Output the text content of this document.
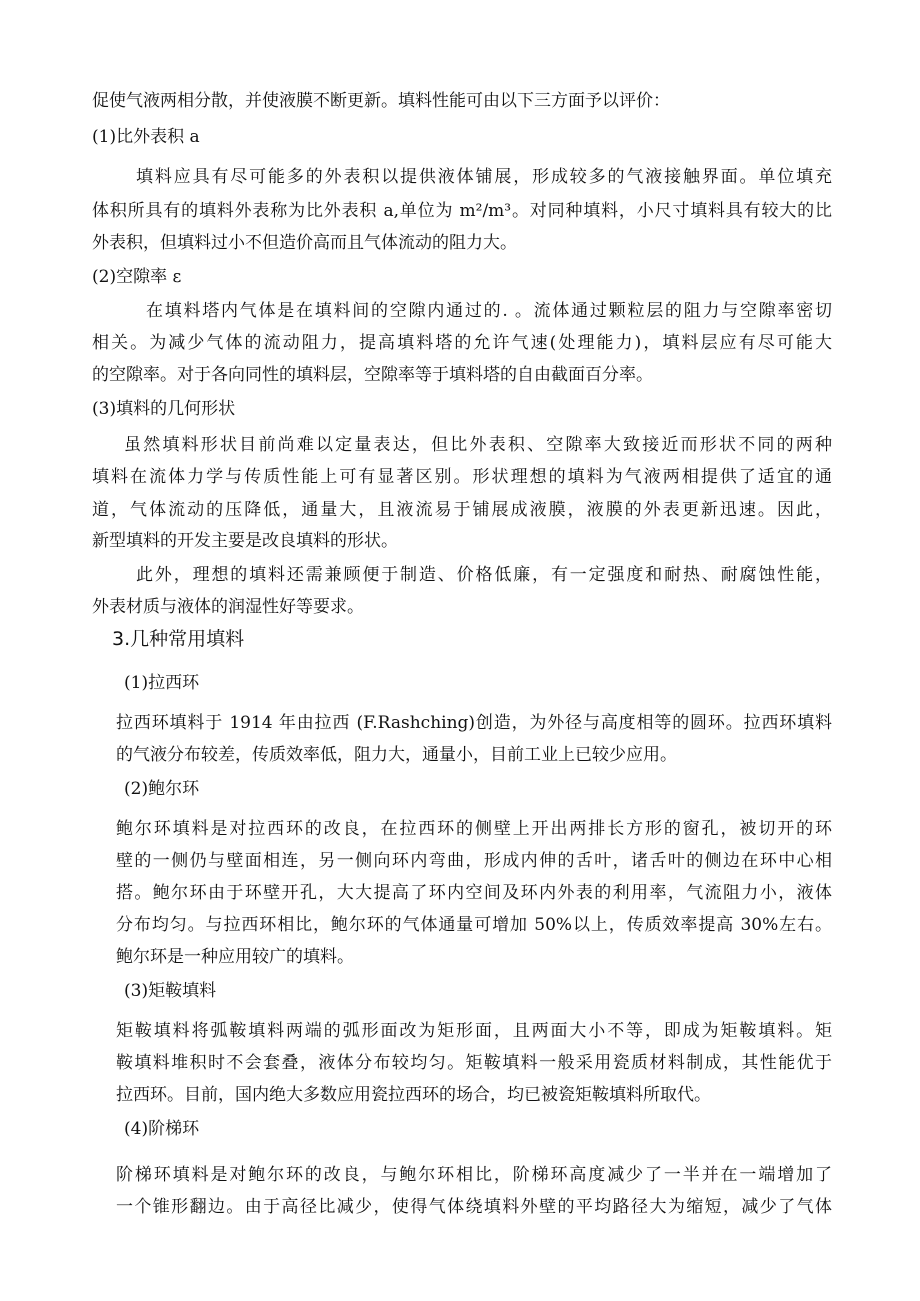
促使气液两相分散，并使液膜不断更新。填料性能可由以下三方面予以评价：

(1)比外表积 a

填料应具有尽可能多的外表积以提供液体铺展，形成较多的气液接触界面。单位填充

体积所具有的填料外表称为比外表积 a,单位为 m²/m³。对同种填料，小尺寸填料具有较大的比

外表积，但填料过小不但造价高而且气体流动的阻力大。

(2)空隙率 ε

在填料塔内气体是在填料间的空隙内通过的. 。流体通过颗粒层的阻力与空隙率密切

相关。为减少气体的流动阻力，提高填料塔的允许气速(处理能力)，填料层应有尽可能大

的空隙率。对于各向同性的填料层，空隙率等于填料塔的自由截面百分率。

(3)填料的几何形状

虽然填料形状目前尚难以定量表达，但比外表积、空隙率大致接近而形状不同的两种

填料在流体力学与传质性能上可有显著区别。形状理想的填料为气液两相提供了适宜的通

道，气体流动的压降低，通量大，且液流易于铺展成液膜，液膜的外表更新迅速。因此，

新型填料的开发主要是改良填料的形状。

此外，理想的填料还需兼顾便于制造、价格低廉，有一定强度和耐热、耐腐蚀性能，

外表材质与液体的润湿性好等要求。

3.几种常用填料

(1)拉西环

拉西环填料于 1914 年由拉西 (F.Rashching)创造，为外径与高度相等的圆环。拉西环填料

的气液分布较差，传质效率低，阻力大，通量小，目前工业上已较少应用。

(2)鲍尔环

鲍尔环填料是对拉西环的改良，在拉西环的侧壁上开出两排长方形的窗孔，被切开的环

壁的一侧仍与壁面相连，另一侧向环内弯曲，形成内伸的舌叶，诸舌叶的侧边在环中心相

搭。鲍尔环由于环壁开孔，大大提高了环内空间及环内外表的利用率，气流阻力小，液体

分布均匀。与拉西环相比，鲍尔环的气体通量可增加 50%以上，传质效率提高 30%左右。

鲍尔环是一种应用较广的填料。

(3)矩鞍填料

矩鞍填料将弧鞍填料两端的弧形面改为矩形面，且两面大小不等，即成为矩鞍填料。矩

鞍填料堆积时不会套叠，液体分布较均匀。矩鞍填料一般采用瓷质材料制成，其性能优于

拉西环。目前，国内绝大多数应用瓷拉西环的场合，均已被瓷矩鞍填料所取代。

(4)阶梯环

阶梯环填料是对鲍尔环的改良，与鲍尔环相比，阶梯环高度减少了一半并在一端增加了

一个锥形翻边。由于高径比减少，使得气体绕填料外壁的平均路径大为缩短，减少了气体
